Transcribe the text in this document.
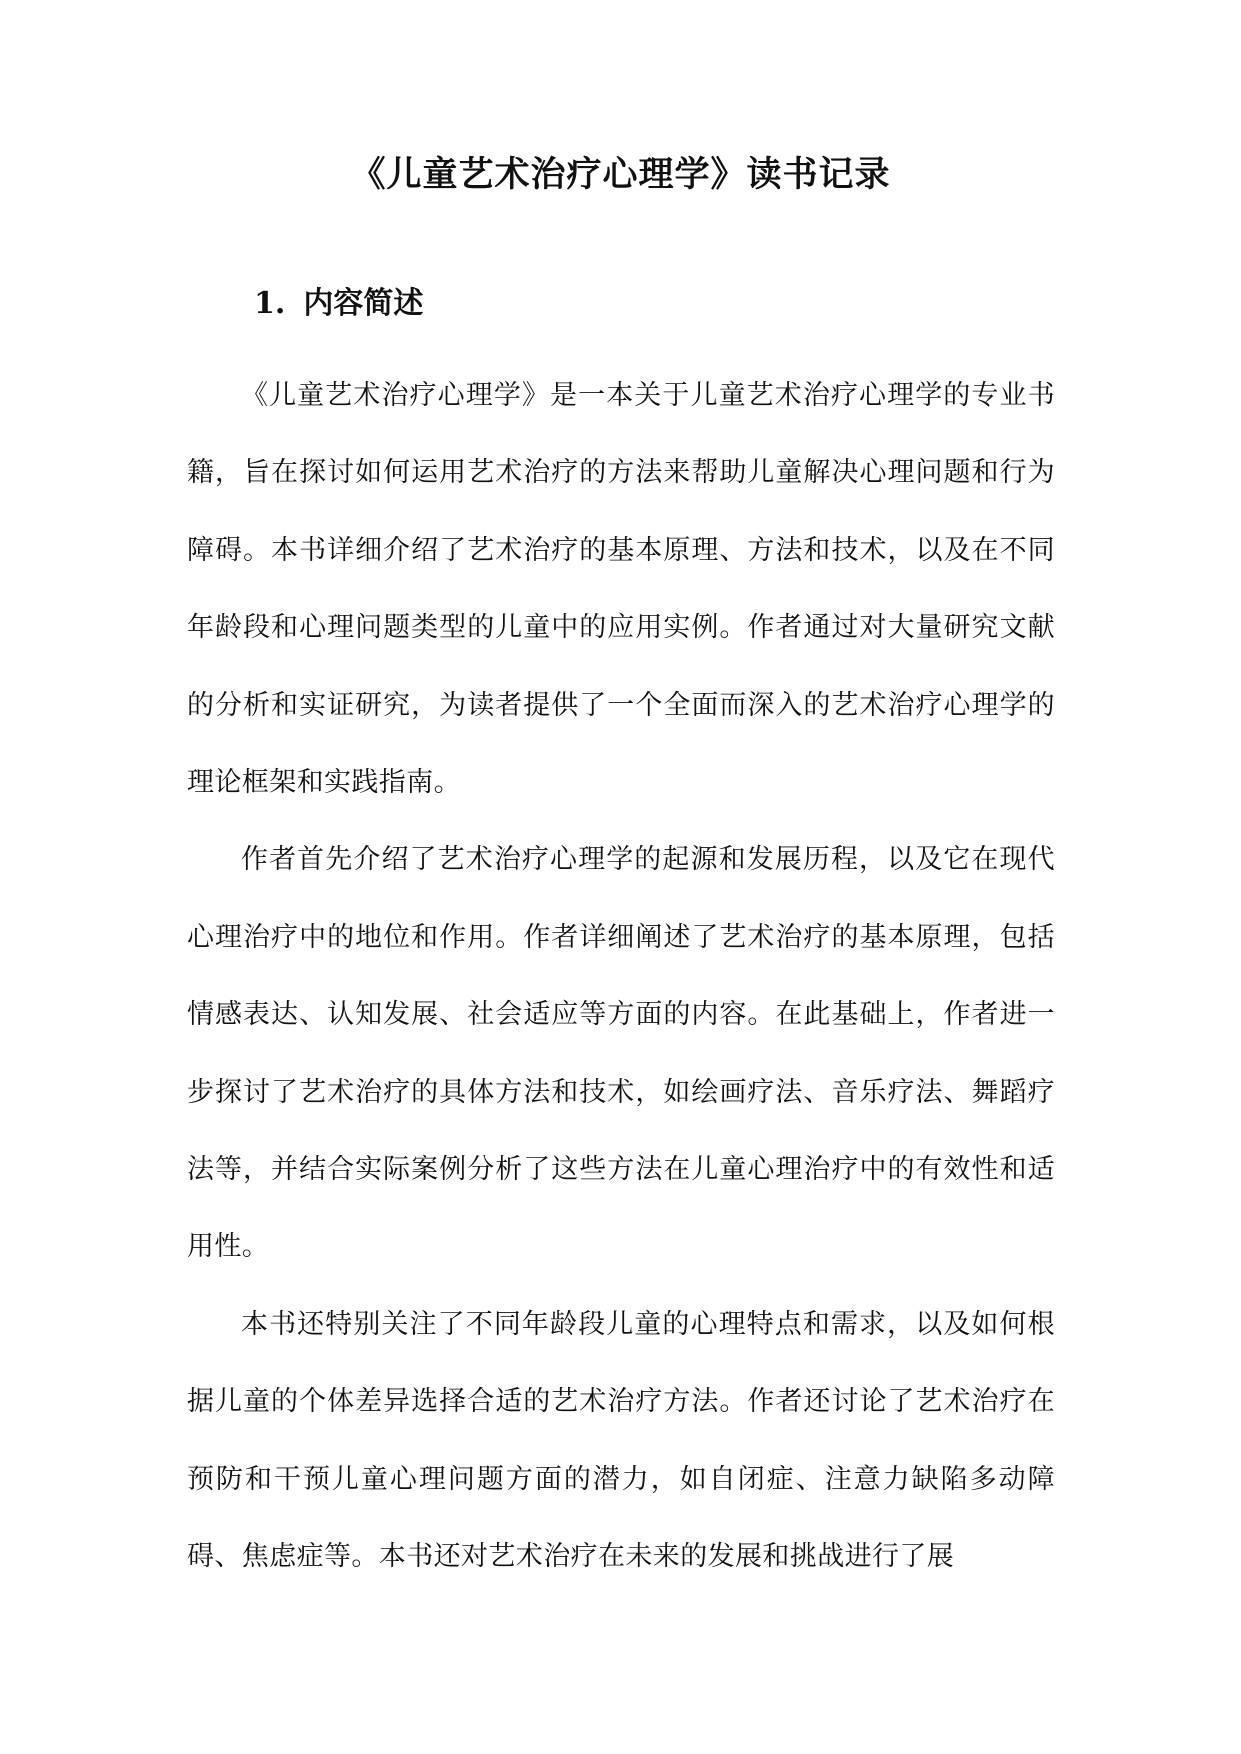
《儿童艺术治疗心理学》读书记录
1. 内容简述

《儿童艺术治疗心理学》是一本关于儿童艺术治疗心理学的专业书籍，旨在探讨如何运用艺术治疗的方法来帮助儿童解决心理问题和行为障碍。本书详细介绍了艺术治疗的基本原理、方法和技术，以及在不同年龄段和心理问题类型的儿童中的应用实例。作者通过对大量研究文献的分析和实证研究，为读者提供了一个全面而深入的艺术治疗心理学的理论框架和实践指南。

作者首先介绍了艺术治疗心理学的起源和发展历程，以及它在现代心理治疗中的地位和作用。作者详细阐述了艺术治疗的基本原理，包括情感表达、认知发展、社会适应等方面的内容。在此基础上，作者进一步探讨了艺术治疗的具体方法和技术，如绘画疗法、音乐疗法、舞蹈疗法等，并结合实际案例分析了这些方法在儿童心理治疗中的有效性和适用性。

本书还特别关注了不同年龄段儿童的心理特点和需求，以及如何根据儿童的个体差异选择合适的艺术治疗方法。作者还讨论了艺术治疗在预防和干预儿童心理问题方面的潜力，如自闭症、注意力缺陷多动障碍、焦虑症等。本书还对艺术治疗在未来的发展和挑战进行了展
